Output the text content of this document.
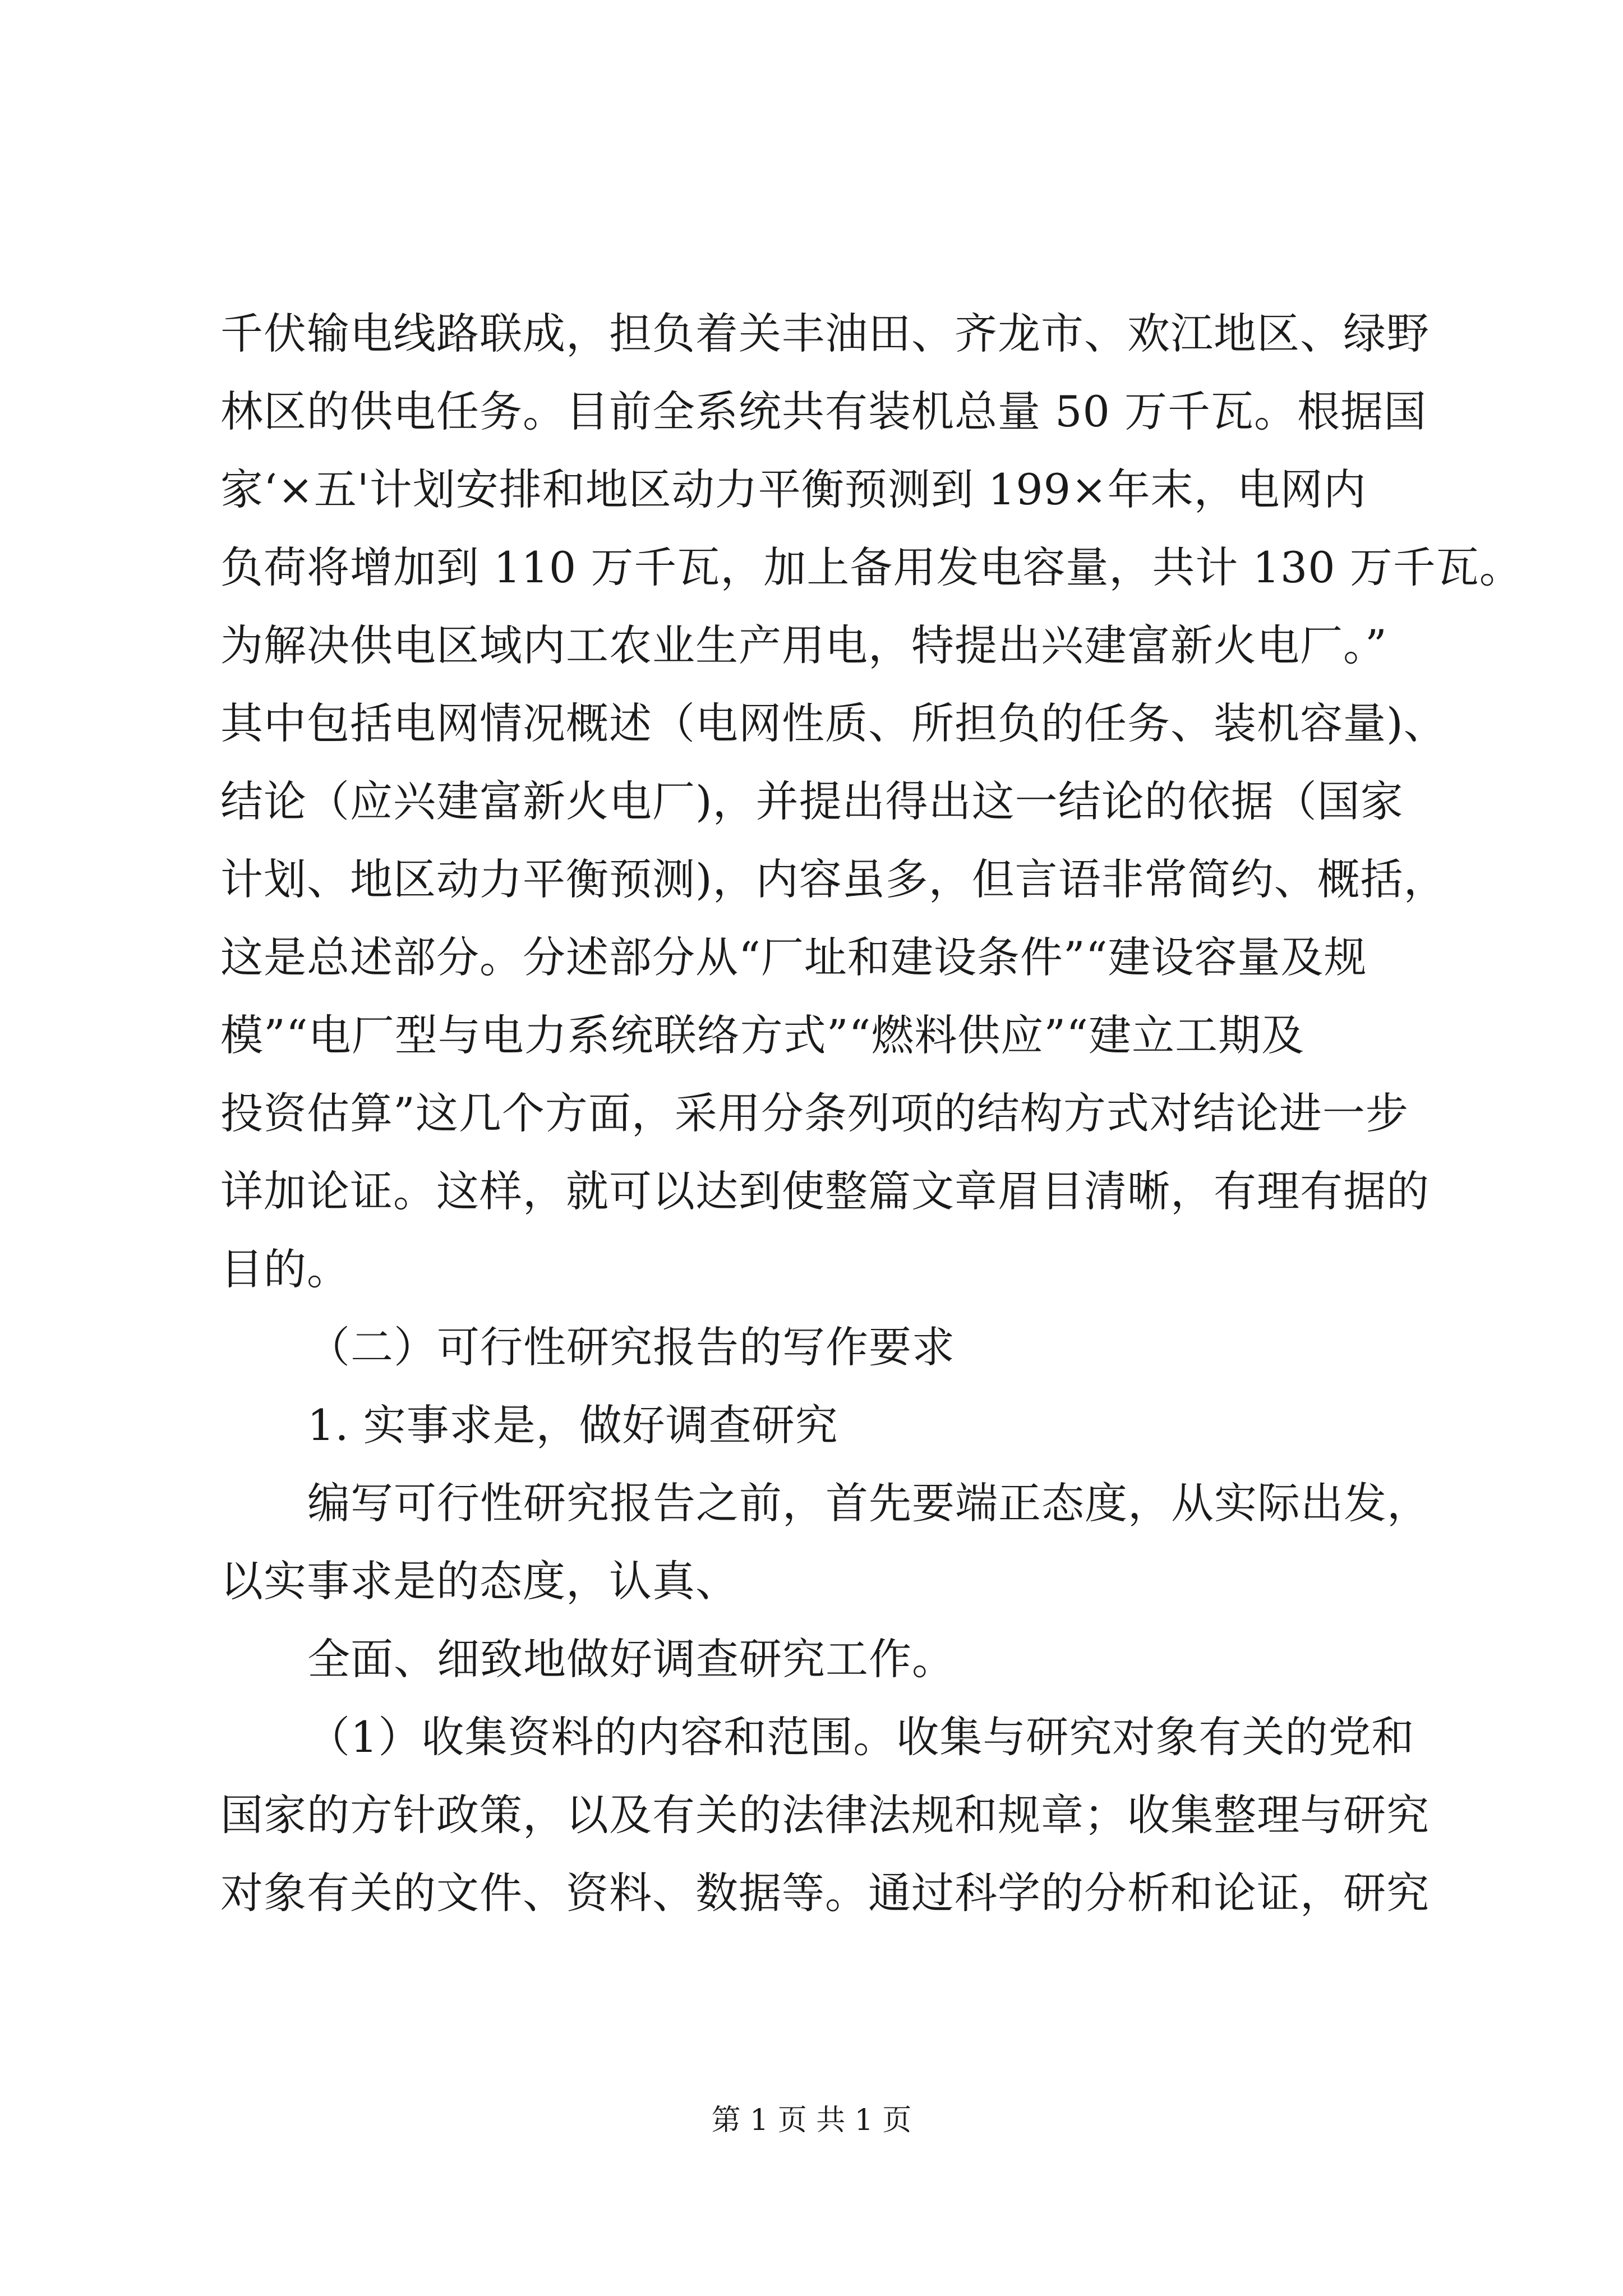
千伏输电线路联成，担负着关丰油田、齐龙市、欢江地区、绿野
林区的供电任务。目前全系统共有装机总量 50 万千瓦。根据国
家‘×五'计划安排和地区动力平衡预测到 199×年末，电网内
负荷将增加到 110 万千瓦，加上备用发电容量，共计 130 万千瓦。
为解决供电区域内工农业生产用电，特提出兴建富新火电厂。”
其中包括电网情况概述（电网性质、所担负的任务、装机容量)、
结论（应兴建富新火电厂)，并提出得出这一结论的依据（国家
计划、地区动力平衡预测)，内容虽多，但言语非常简约、概括，
这是总述部分。分述部分从“厂址和建设条件”“建设容量及规
模”“电厂型与电力系统联络方式”“燃料供应”“建立工期及
投资估算”这几个方面，采用分条列项的结构方式对结论进一步
详加论证。这样，就可以达到使整篇文章眉目清晰，有理有据的
目的。
（二）可行性研究报告的写作要求
1. 实事求是，做好调查研究
编写可行性研究报告之前，首先要端正态度，从实际出发，
以实事求是的态度，认真、
全面、细致地做好调查研究工作。
（1）收集资料的内容和范围。收集与研究对象有关的党和
国家的方针政策，以及有关的法律法规和规章；收集整理与研究
对象有关的文件、资料、数据等。通过科学的分析和论证，研究
第 1 页 共 1 页
